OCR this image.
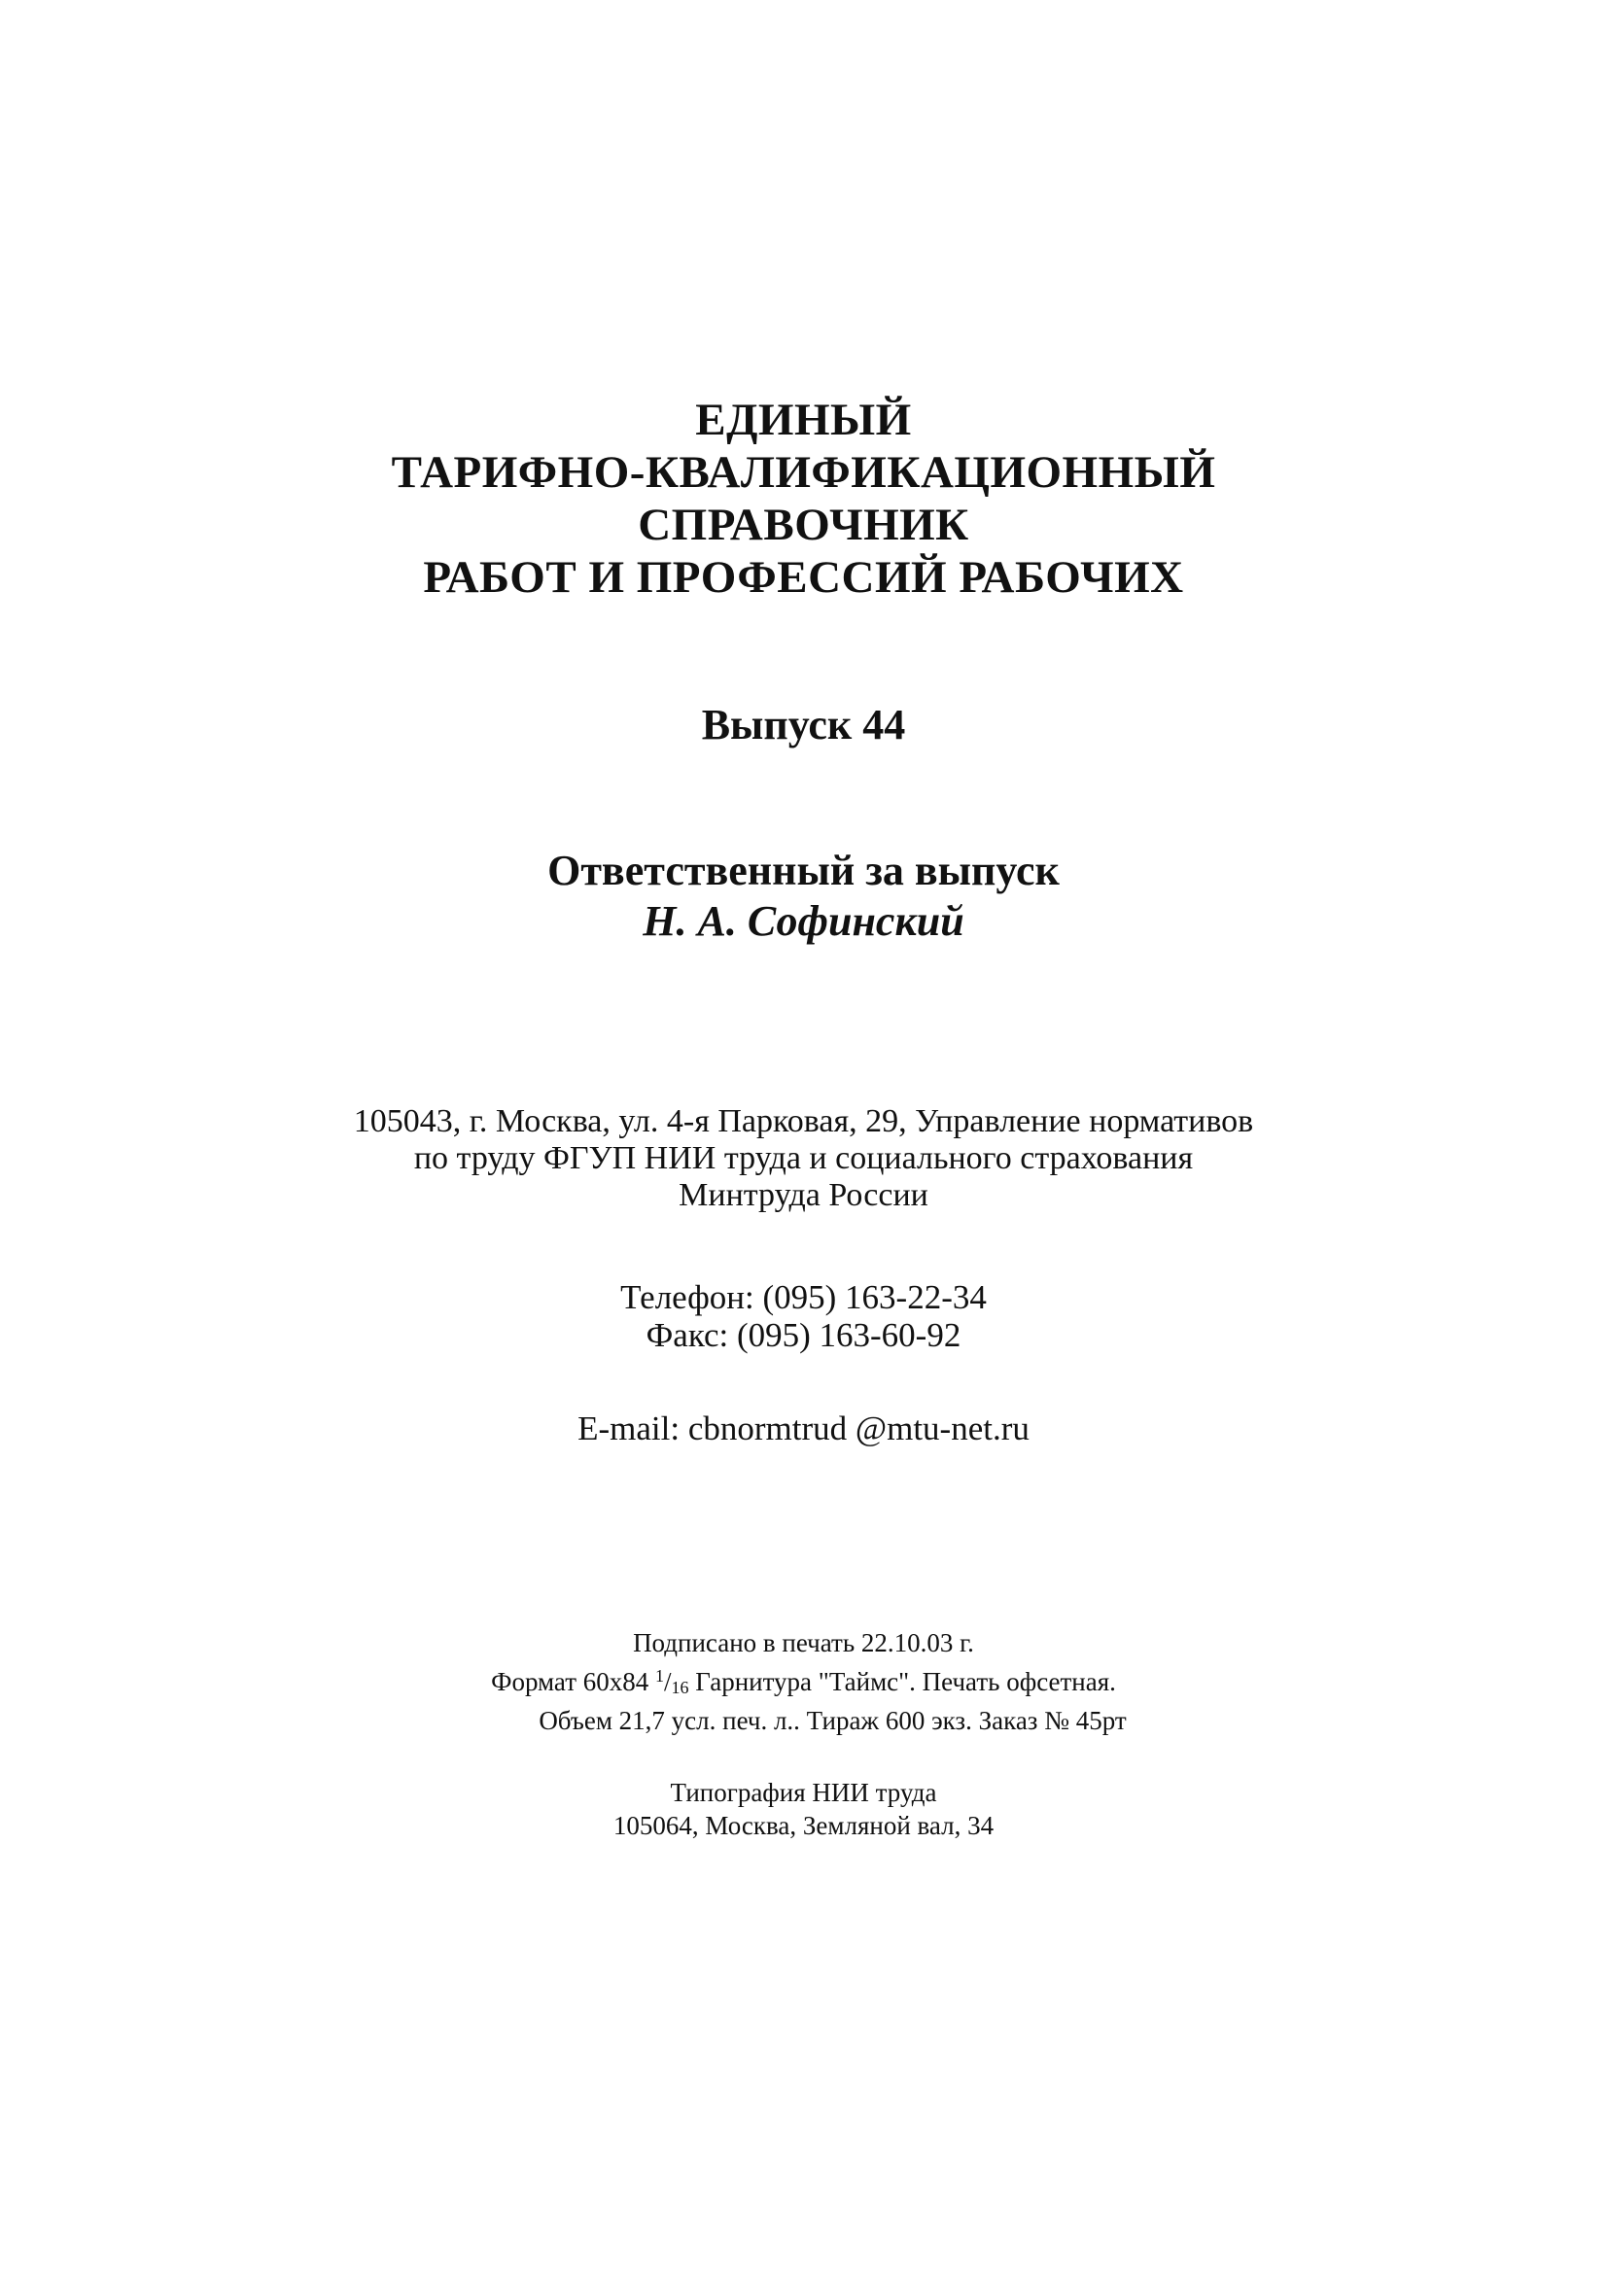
ЕДИНЫЙ
ТАРИФНО-КВАЛИФИКАЦИОННЫЙ
СПРАВОЧНИК
РАБОТ И ПРОФЕССИЙ РАБОЧИХ
Выпуск 44
Ответственный за выпуск
Н. А. Софинский
105043, г. Москва, ул. 4-я Парковая, 29, Управление нормативов
по труду ФГУП НИИ труда и социального страхования
Минтруда России
Телефон: (095) 163-22-34
Факс: (095) 163-60-92
E-mail: cbnormtrud @mtu-net.ru
Подписано в печать 22.10.03 г.
Формат 60x84 $^1$/16 Гарнитура "Таймс". Печать офсетная.
Объем 21,7 усл. печ. л.. Тираж 600 экз. Заказ № 45рт
Типография НИИ труда
105064, Москва, Земляной вал, 34
